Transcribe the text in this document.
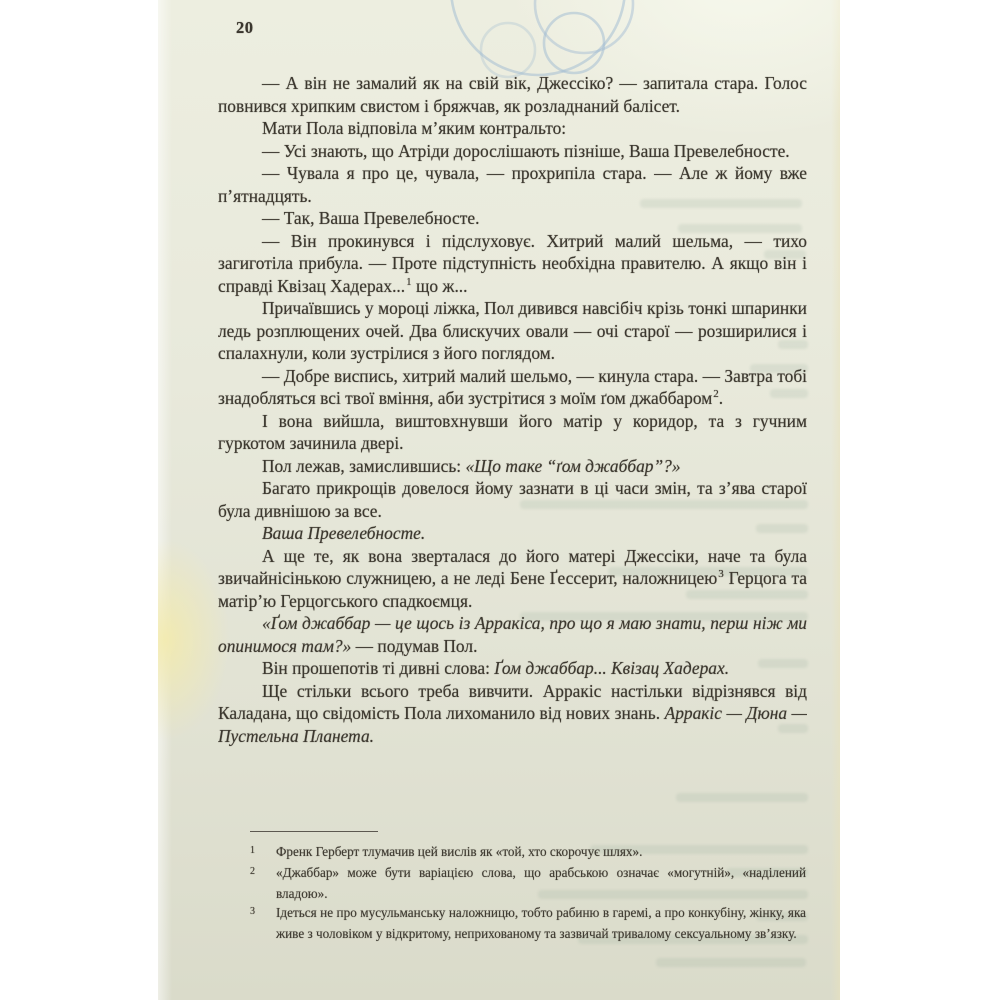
20

— А він не замалий як на свій вік, Джессіко? — запитала стара. Голос повнився хрипким свистом і бряжчав, як розладнаний балісет.

Мати Пола відповіла м’яким контральто:

— Усі знають, що Атріди дорослішають пізніше, Ваша Превелебносте.

— Чувала я про це, чувала, — прохрипіла стара. — Але ж йому вже п’ятнадцять.

— Так, Ваша Превелебносте.

— Він прокинувся і підслуховує. Хитрий малий шельма, — тихо загиготіла прибула. — Проте підступність необхідна правителю. А якщо він і справді Квізац Хадерах...$^1$ що ж...

Причаївшись у мороці ліжка, Пол дивився навсібіч крізь тонкі шпаринки ледь розплющених очей. Два блискучих овали — очі старої — розширилися і спалахнули, коли зустрілися з його поглядом.

— Добре виспись, хитрий малий шельмо, — кинула стара. — Завтра тобі знадобляться всі твої вміння, аби зустрітися з моїм ґом джаббаром$^2$.

І вона вийшла, виштовхнувши його матір у коридор, та з гучним гуркотом зачинила двері.

Пол лежав, замислившись: «Що таке “ґом джаббар”?»

Багато прикрощів довелося йому зазнати в ці часи змін, та з’ява старої була дивнішою за все.

Ваша Превелебносте.

А ще те, як вона зверталася до його матері Джессіки, наче та була звичайнісінькою служницею, а не леді Бене Ґессерит, наложницею$^3$ Герцога та матір’ю Герцогського спадкоємця.

«Ґом джаббар — це щось із Арракіса, про що я маю знати, перш ніж ми опинимося там?» — подумав Пол.

Він прошепотів ті дивні слова: Ґом джаббар... Квізац Хадерах.

Ще стільки всього треба вивчити. Арракіс настільки відрізнявся від Каладана, що свідомість Пола лихоманило від нових знань. Арракіс — Дюна — Пустельна Планета.

1 Френк Герберт тлумачив цей вислів як «той, хто скорочує шлях».

2 «Джаббар» може бути варіацією слова, що арабською означає «могутній», «наділений владою».

3 Ідеться не про мусульманську наложницю, тобто рабиню в гаремі, а про конкубіну, жінку, яка живе з чоловіком у відкритому, неприхованому та зазвичай тривалому сексуальному зв’язку.
